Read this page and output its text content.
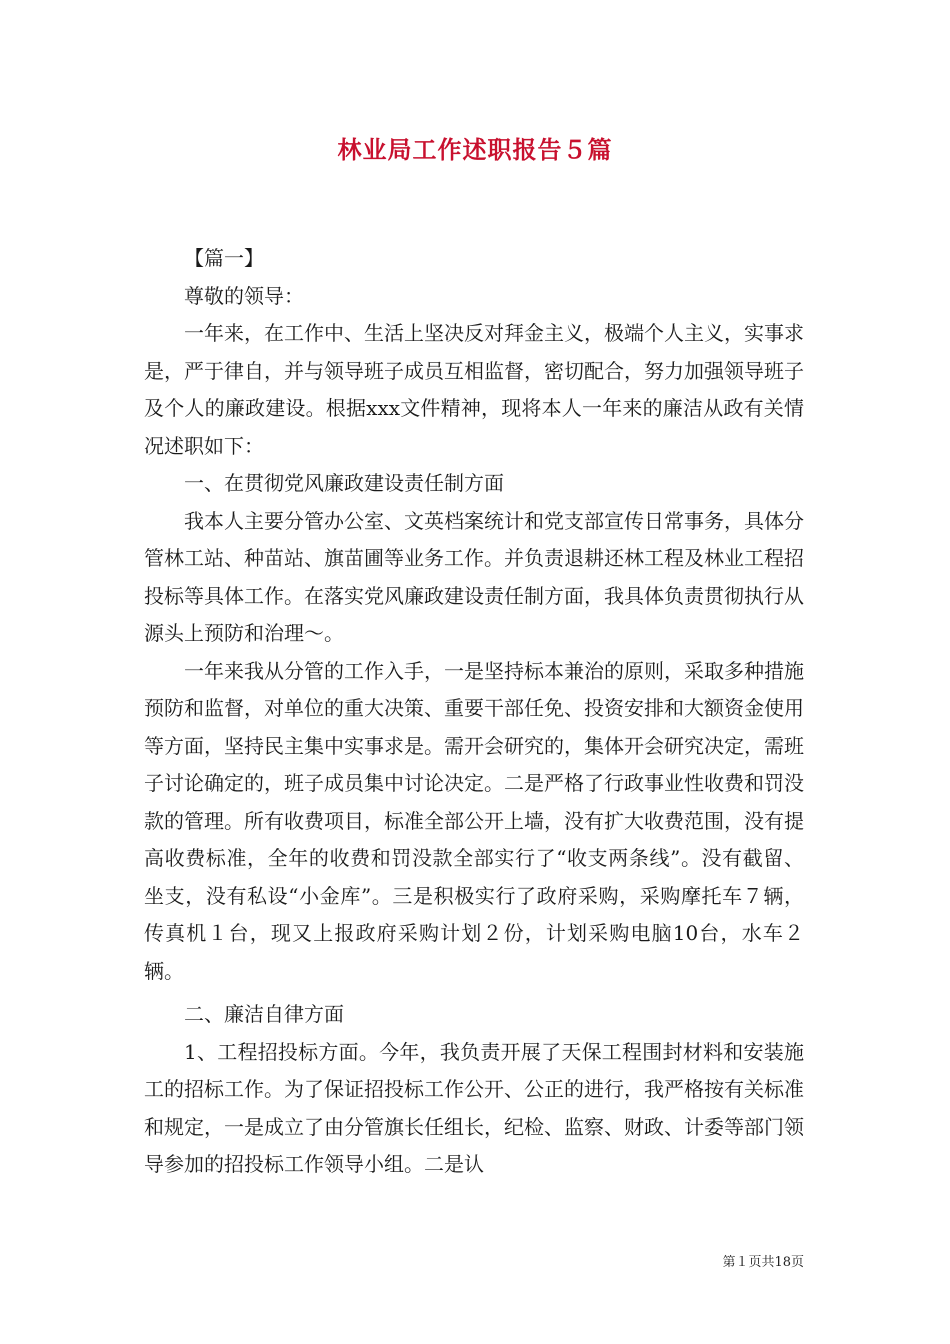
林业局工作述职报告５篇

【篇一】

尊敬的领导：

一年来，在工作中、生活上坚决反对拜金主义，极端个人主义，实事求是，严于律自，并与领导班子成员互相监督，密切配合，努力加强领导班子及个人的廉政建设。根据xxx文件精神，现将本人一年来的廉洁从政有关情况述职如下：

一、在贯彻党风廉政建设责任制方面

我本人主要分管办公室、文英档案统计和党支部宣传日常事务，具体分管林工站、种苗站、旗苗圃等业务工作。并负责退耕还林工程及林业工程招投标等具体工作。在落实党风廉政建设责任制方面，我具体负责贯彻执行从源头上预防和治理～。

一年来我从分管的工作入手，一是坚持标本兼治的原则，采取多种措施预防和监督，对单位的重大决策、重要干部任免、投资安排和大额资金使用等方面，坚持民主集中实事求是。需开会研究的，集体开会研究决定，需班子讨论确定的，班子成员集中讨论决定。二是严格了行政事业性收费和罚没款的管理。所有收费项目，标准全部公开上墙，没有扩大收费范围，没有提高收费标准，全年的收费和罚没款全部实行了“收支两条线”。没有截留、坐支，没有私设“小金库”。三是积极实行了政府采购，采购摩托车７辆，传真机１台，现又上报政府采购计划２份，计划采购电脑10台，水车２辆。

二、廉洁自律方面

1、工程招投标方面。今年，我负责开展了天保工程围封材料和安装施工的招标工作。为了保证招投标工作公开、公正的进行，我严格按有关标准和规定，一是成立了由分管旗长任组长，纪检、监察、财政、计委等部门领导参加的招投标工作领导小组。二是认

第１页共18页
